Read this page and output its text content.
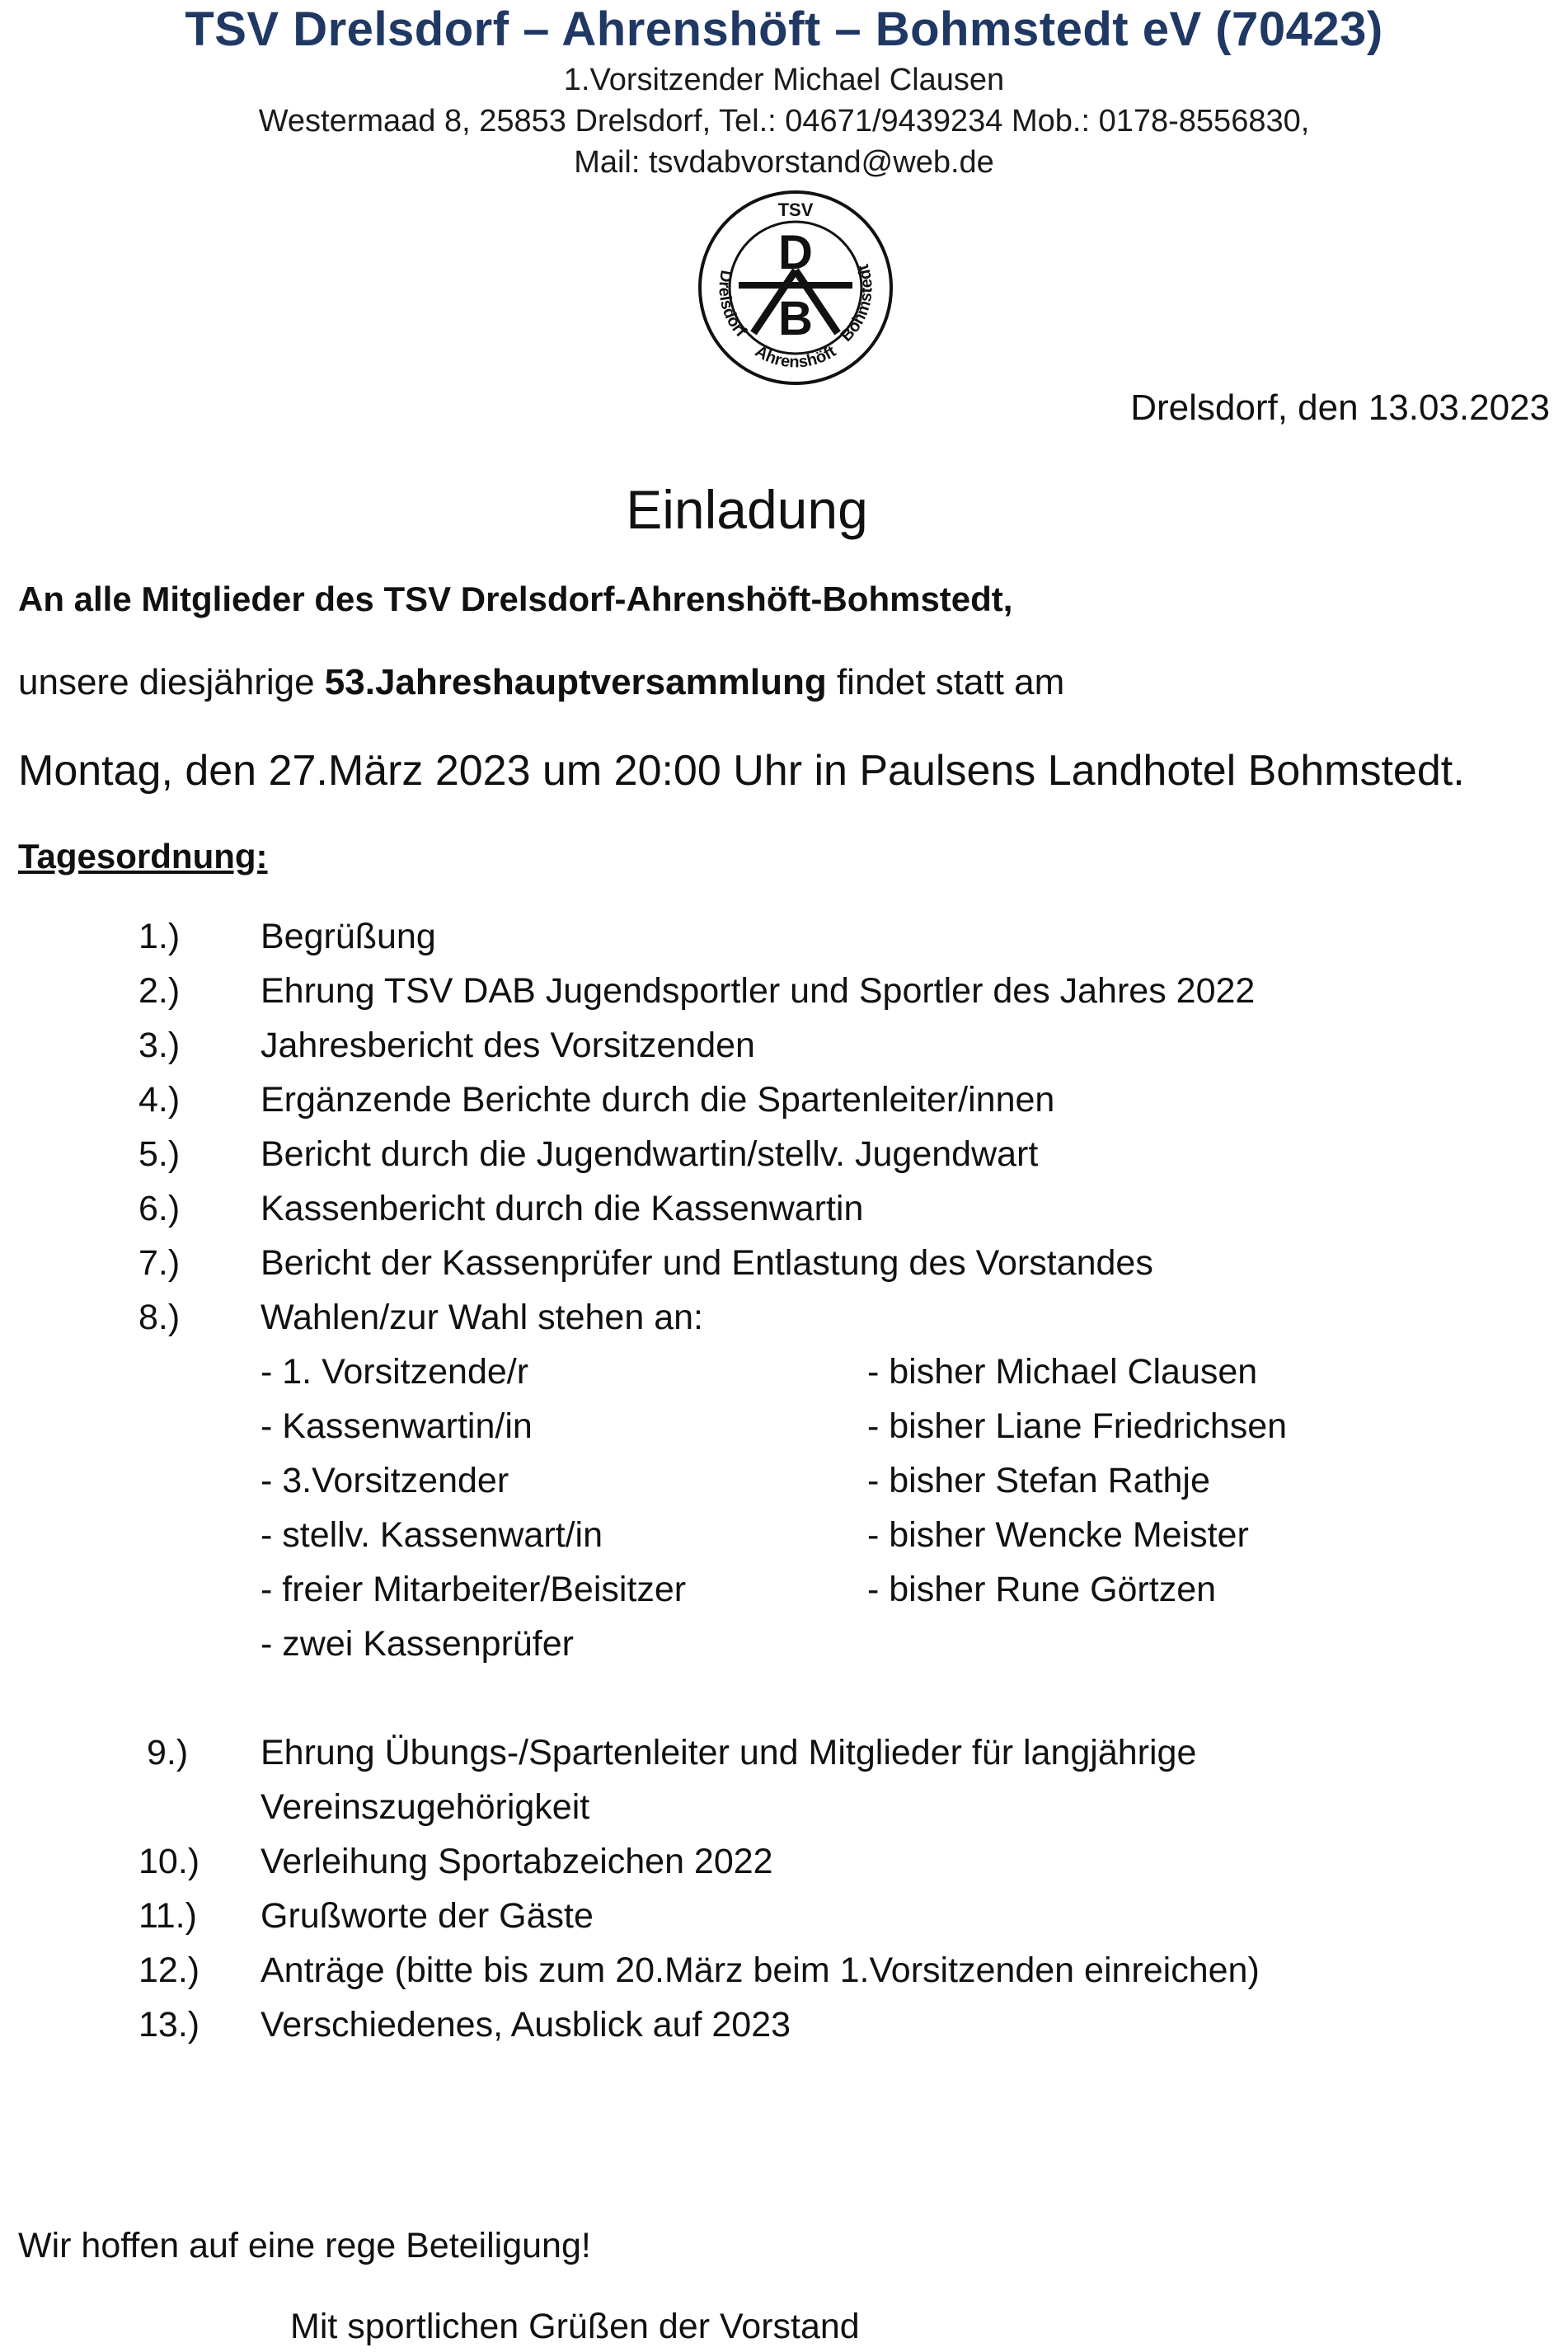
TSV Drelsdorf – Ahrenshöft – Bohmstedt eV (70423)
1.Vorsitzender Michael Clausen
Westermaad 8, 25853 Drelsdorf, Tel.: 04671/9439234 Mob.: 0178-8556830,
Mail: tsvdabvorstand@web.de
TSV
Drelsdorf
Ahrenshöft
Bohmstedt
D
B
Drelsdorf, den 13.03.2023
Einladung
An alle Mitglieder des TSV Drelsdorf-Ahrenshöft-Bohmstedt,
unsere diesjährige 53.Jahreshauptversammlung findet statt am
Montag, den 27.März 2023 um 20:00 Uhr in Paulsens Landhotel Bohmstedt.
Tagesordnung:
1.) Begrüßung
2.) Ehrung TSV DAB Jugendsportler und Sportler des Jahres 2022
3.) Jahresbericht des Vorsitzenden
4.) Ergänzende Berichte durch die Spartenleiter/innen
5.) Bericht durch die Jugendwartin/stellv. Jugendwart
6.) Kassenbericht durch die Kassenwartin
7.) Bericht der Kassenprüfer und Entlastung des Vorstandes
8.) Wahlen/zur Wahl stehen an:
- 1. Vorsitzende/r	- bisher Michael Clausen
- Kassenwartin/in	- bisher Liane Friedrichsen
- 3.Vorsitzender	- bisher Stefan Rathje
- stellv. Kassenwart/in	- bisher Wencke Meister
- freier Mitarbeiter/Beisitzer	- bisher Rune Görtzen
- zwei Kassenprüfer
9.) Ehrung Übungs-/Spartenleiter und Mitglieder für langjährige
Vereinszugehörigkeit
10.) Verleihung Sportabzeichen 2022
11.) Grußworte der Gäste
12.) Anträge (bitte bis zum 20.März beim 1.Vorsitzenden einreichen)
13.) Verschiedenes, Ausblick auf 2023
Wir hoffen auf eine rege Beteiligung!
Mit sportlichen Grüßen der Vorstand
